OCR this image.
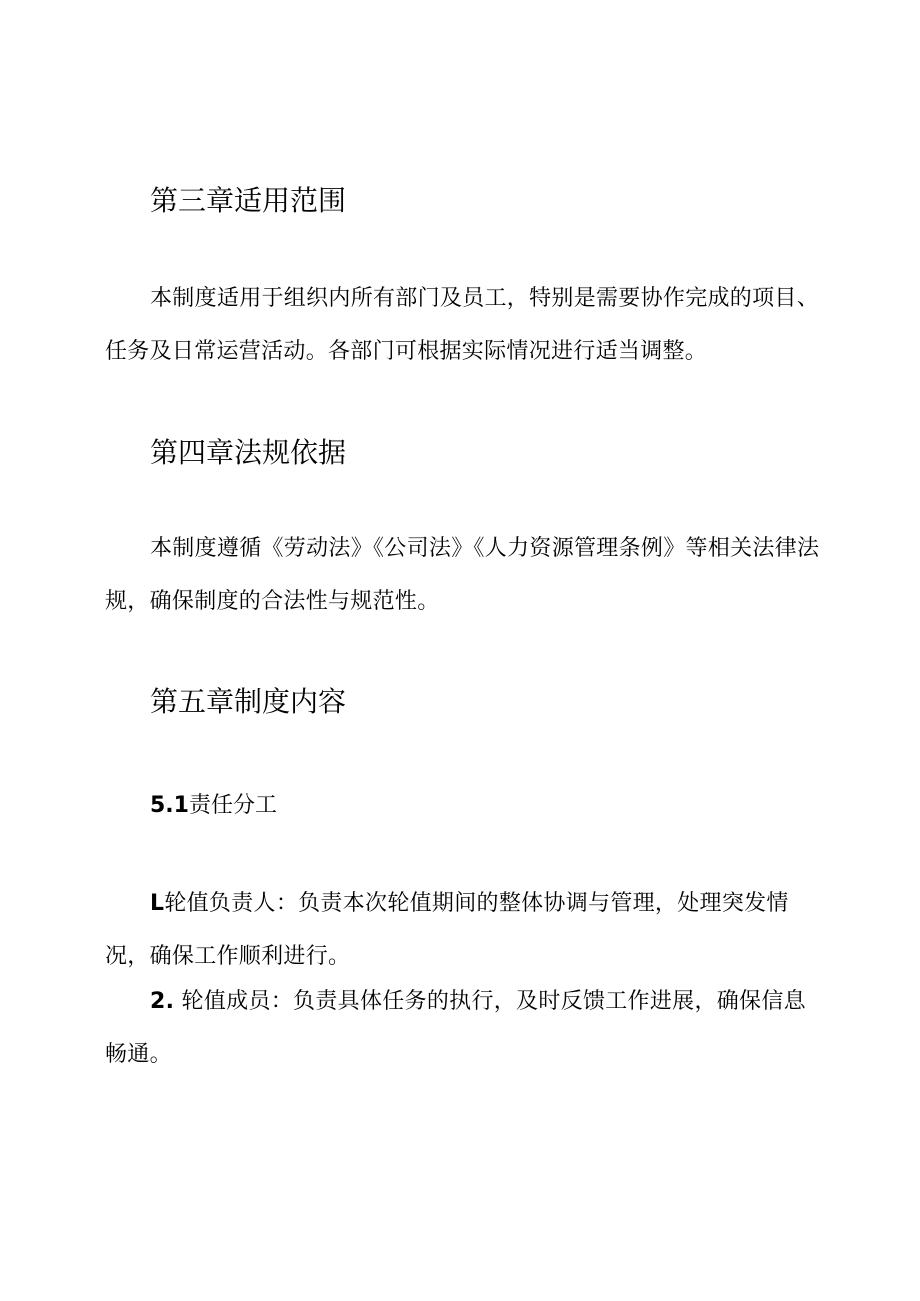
第三章适用范围

本制度适用于组织内所有部门及员工，特别是需要协作完成的项目、任务及日常运营活动。各部门可根据实际情况进行适当调整。

第四章法规依据

本制度遵循《劳动法》《公司法》《人力资源管理条例》等相关法律法规，确保制度的合法性与规范性。

第五章制度内容

5.1责任分工

L轮值负责人：负责本次轮值期间的整体协调与管理，处理突发情况，确保工作顺利进行。

2. 轮值成员：负责具体任务的执行，及时反馈工作进展，确保信息畅通。
